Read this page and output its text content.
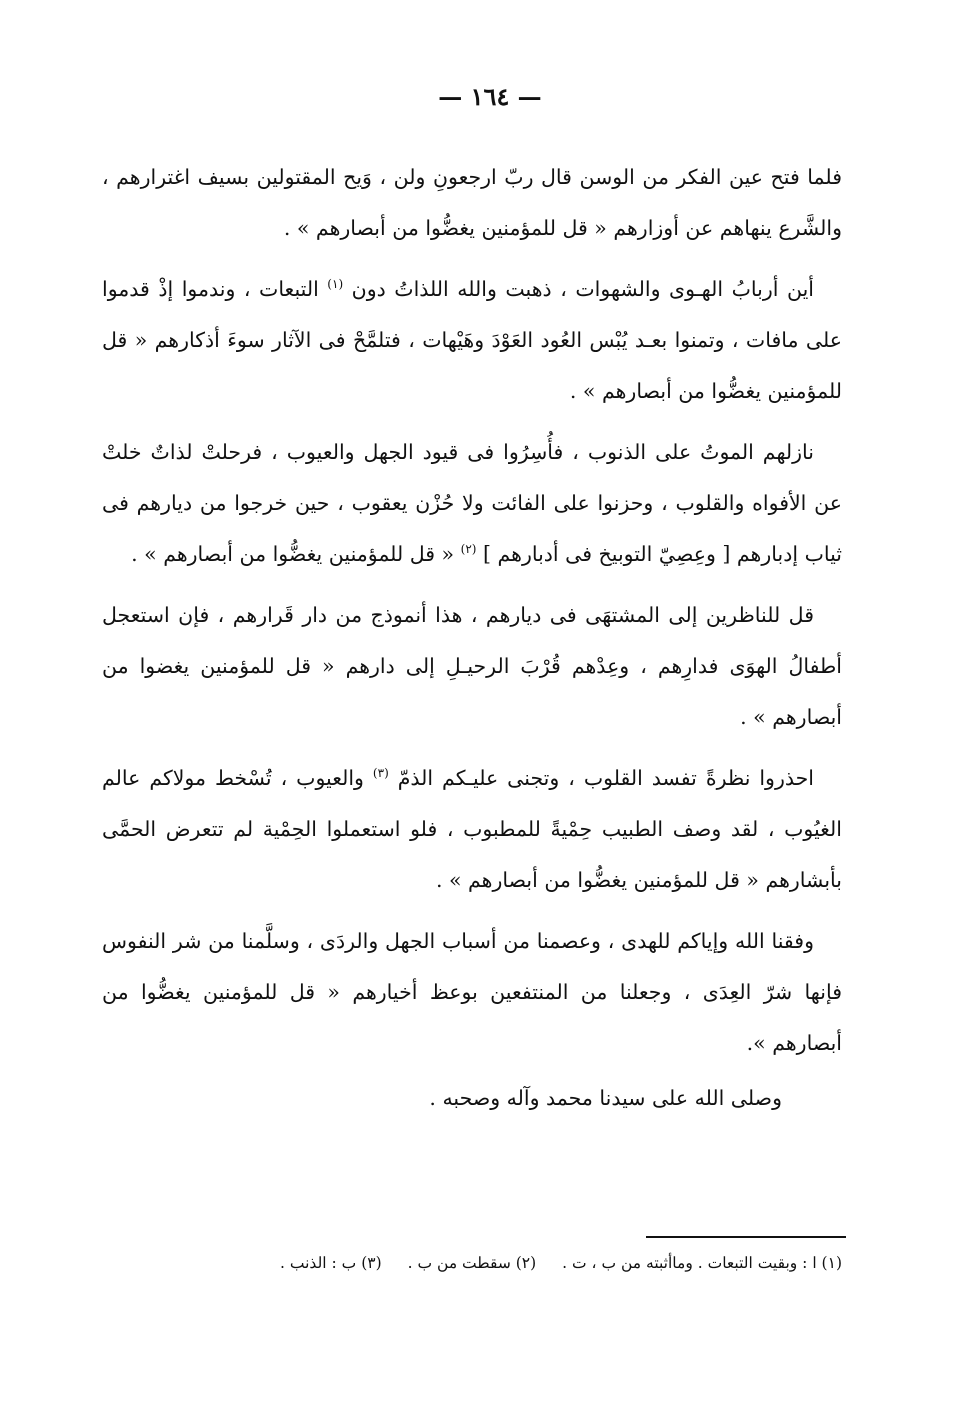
— ١٦٤ —

فلما فتح عين الفكر من الوسن قال ربّ ارجعونِ ولن ، وَيح المقتولين بسيف اغترارهم ، والشَّرع ينهاهم عن أوزارهم « قل للمؤمنين يغضُّوا من أبصارهم » .

أين أربابُ الهـوى والشهوات ، ذهبت والله اللذاتُ دون $^{(١)}$ التبعات ، وندموا إذْ قدموا على مافات ، وتمنوا بعـد يُبْس العُود العَوْدَ وهَيْهات ، فتلمَّحْ فى الآثار سوءَ أذكارهم « قل للمؤمنين يغضُّوا من أبصارهم » .

نازلهم الموتُ على الذنوب ، فأُسِرُوا فى قيود الجهل والعيوب ، فرحلتْ لذاتٌ خلتْ عن الأفواه والقلوب ، وحزنوا على الفائت ولا حُزْن يعقوب ، حين خرجوا من ديارهم فى ثياب إدبارهم [ وعِصِيّ التوبيخ فى أدبارهم ] $^{(٢)}$ « قل للمؤمنين يغضُّوا من أبصارهم » .

قل للناظرين إلى المشتهَى فى ديارهم ، هذا أنموذج من دار قَرارهم ، فإن استعجل أطفالُ الهوَى فدارِهم ، وعِدْهم قُرْبَ الرحيـلِ إلى دارهم « قل للمؤمنين يغضوا من أبصارهم » .

احذروا نظرةً تفسد القلوب ، وتجنى عليـكم الذمّ $^{(٣)}$ والعيوب ، تُسْخط مولاكم عالم الغيُوب ، لقد وصف الطبيب حِمْيةً للمطبوب ، فلو استعملوا الحِمْية لم تتعرض الحمَّى بأبشارهم « قل للمؤمنين يغضُّوا من أبصارهم » .

وفقنا الله وإياكم للهدى ، وعصمنا من أسباب الجهل والردَى ، وسلَّمنا من شر النفوس فإنها شرّ العِدَى ، وجعلنا من المنتفعين بوعظ أخيارهم « قل للمؤمنين يغضُّوا من أبصارهم ».

وصلى الله على سيدنا محمد وآله وصحبه .

(١) ا : وبقيت التبعات . وماأثبته من ب ، ت .(٢) سقطت من ب .(٣) ب : الذنب .
